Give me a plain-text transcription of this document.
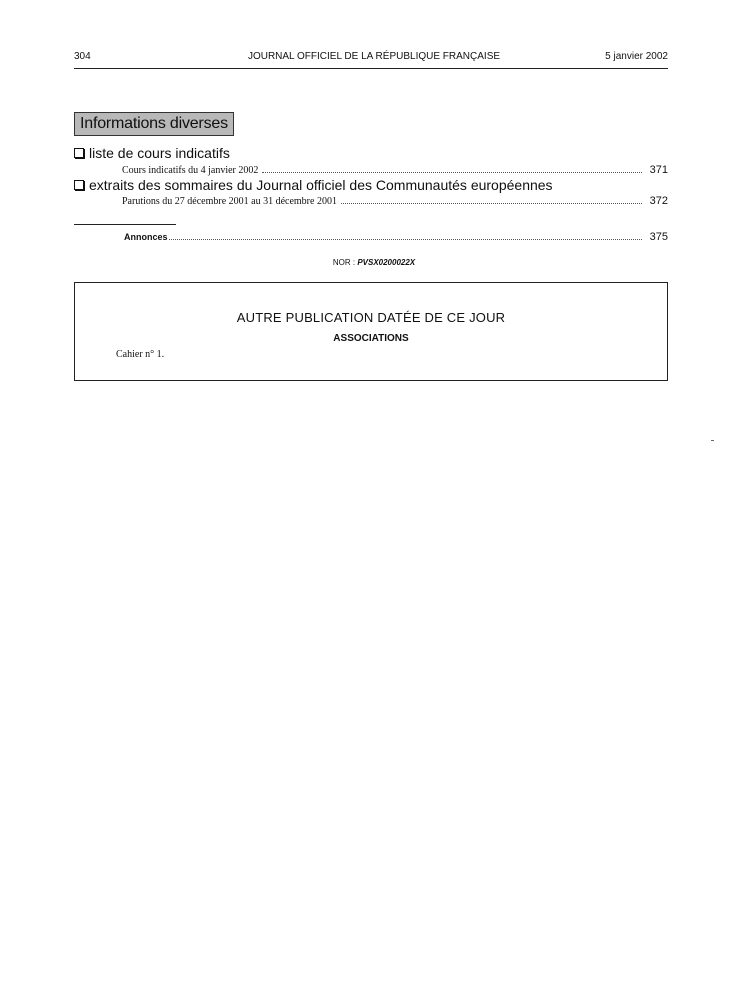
304	JOURNAL OFFICIEL DE LA RÉPUBLIQUE FRANÇAISE	5 janvier 2002
Informations diverses
liste de cours indicatifs
Cours indicatifs du 4 janvier 2002	371
extraits des sommaires du Journal officiel des Communautés européennes
Parutions du 27 décembre 2001 au 31 décembre 2001	372
Annonces	375
NOR : PVSX0200022X
AUTRE PUBLICATION DATÉE DE CE JOUR
ASSOCIATIONS
Cahier n° 1.
